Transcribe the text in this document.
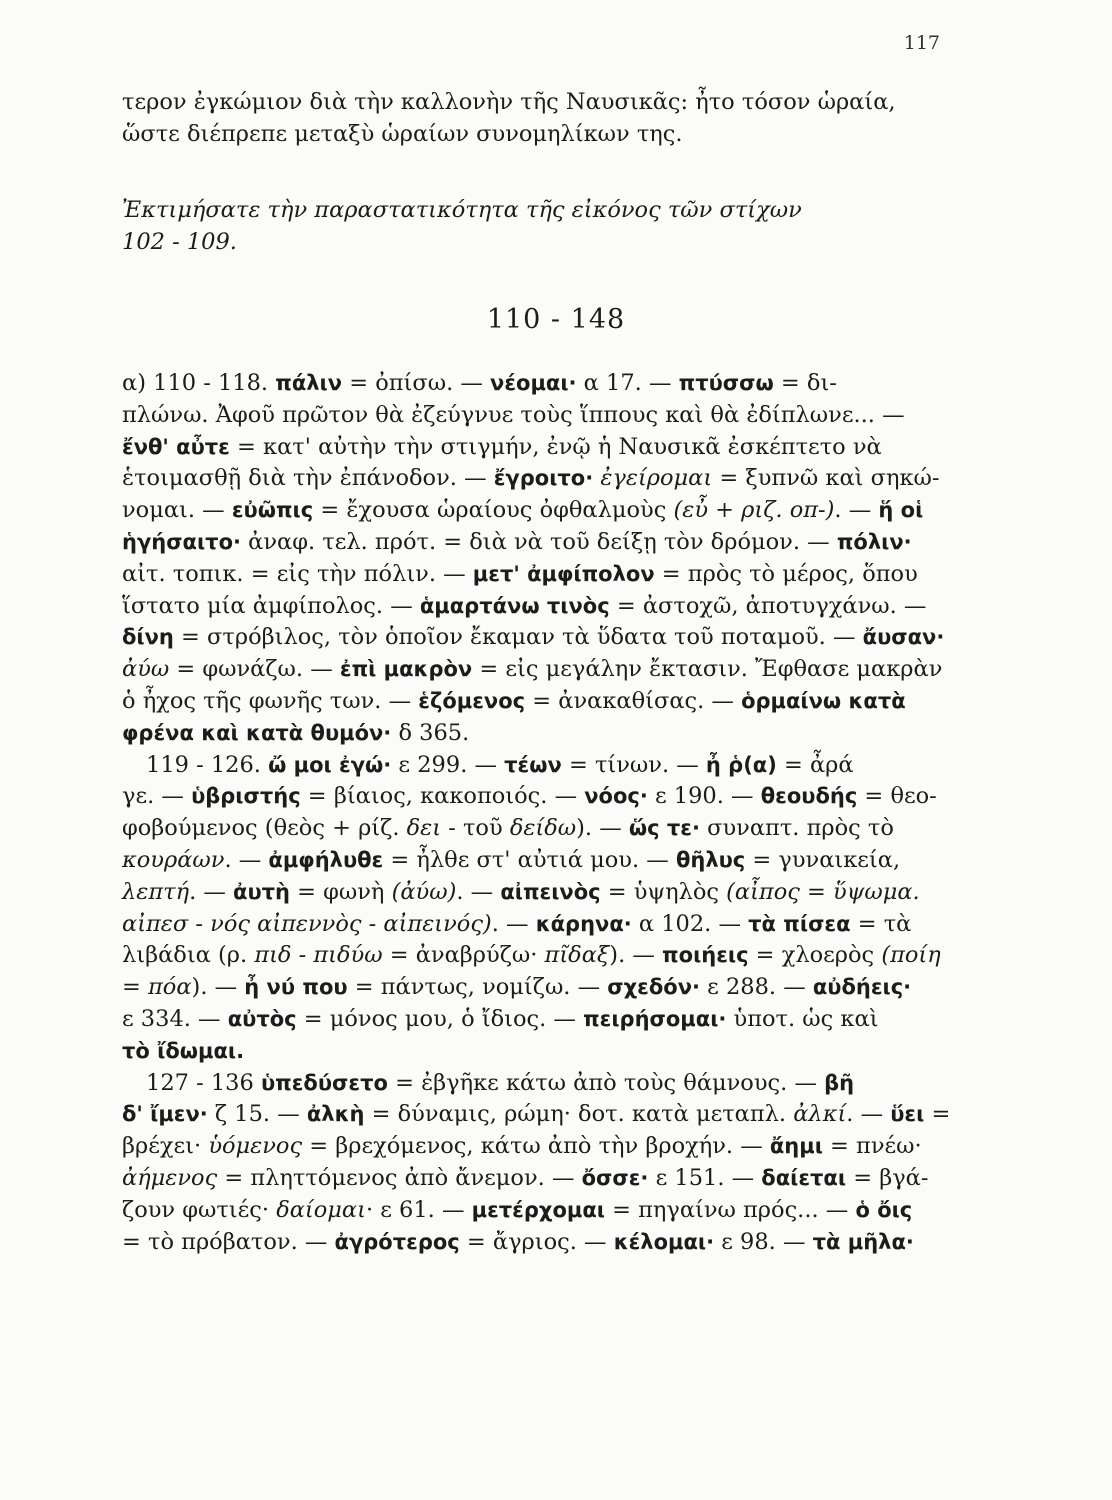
117
τερον ἐγκώμιον διὰ τὴν καλλονὴν τῆς Ναυσικᾶς: ἦτο τόσον ὡραία,
ὥστε διέπρεπε μεταξὺ ὡραίων συνομηλίκων της.
Ἐκτιμήσατε τὴν παραστατικότητα τῆς εἰκόνος τῶν στίχων
102 - 109.
110 - 148
α) 110 - 118. πάλιν = ὀπίσω. — νέομαι· α 17. — πτύσσω = δι-
πλώνω. Ἀφοῦ πρῶτον θὰ ἐζεύγνυε τοὺς ἵππους καὶ θὰ ἐδίπλωνε... —
ἔνθ' αὖτε = κατ' αὐτὴν τὴν στιγμήν, ἐνῷ ἡ Ναυσικᾶ ἐσκέπτετο νὰ
ἑτοιμασθῇ διὰ τὴν ἐπάνοδον. — ἔγροιτο· ἐγείρομαι = ξυπνῶ καὶ σηκώ-
νομαι. — εὐῶπις = ἔχουσα ὡραίους ὀφθαλμοὺς (εὖ + ριζ. οπ-). — ἥ οἱ
ἡγήσαιτο· ἀναφ. τελ. πρότ. = διὰ νὰ τοῦ δείξῃ τὸν δρόμον. — πόλιν·
αἰτ. τοπικ. = εἰς τὴν πόλιν. — μετ' ἀμφίπολον = πρὸς τὸ μέρος, ὅπου
ἵστατο μία ἀμφίπολος. — ἁμαρτάνω τινὸς = ἀστοχῶ, ἀποτυγχάνω. —
δίνη = στρόβιλος, τὸν ὁποῖον ἔκαμαν τὰ ὕδατα τοῦ ποταμοῦ. — ἄυσαν·
ἀύω = φωνάζω. — ἐπὶ μακρὸν = εἰς μεγάλην ἔκτασιν. Ἔφθασε μακρὰν
ὁ ἦχος τῆς φωνῆς των. — ἑζόμενος = ἀνακαθίσας. — ὁρμαίνω κατὰ
φρένα καὶ κατὰ θυμόν· δ 365.
119 - 126. ὤ μοι ἐγώ· ε 299. — τέων = τίνων. — ἦ ῥ(α) = ἆρά
γε. — ὑβριστής = βίαιος, κακοποιός. — νόος· ε 190. — θεουδής = θεο-
φοβούμενος (θεὸς + ρίζ. δει - τοῦ δείδω). — ὥς τε· συναπτ. πρὸς τὸ
κουράων. — ἀμφήλυθε = ἦλθε στ' αὐτιά μου. — θῆλυς = γυναικεία,
λεπτή. — ἀυτὴ = φωνὴ (ἀύω). — αἰπεινὸς = ὑψηλὸς (αἶπος = ὕψωμα.
αἰπεσ - νός αἰπεννὸς - αἰπεινός). — κάρηνα· α 102. — τὰ πίσεα = τὰ
λιβάδια (ρ. πιδ - πιδύω = ἀναβρύζω· πῖδαξ). — ποιήεις = χλοερὸς (ποίη
= πόα). — ἦ νύ που = πάντως, νομίζω. — σχεδόν· ε 288. — αὐδήεις·
ε 334. — αὐτὸς = μόνος μου, ὁ ἴδιος. — πειρήσομαι· ὑποτ. ὡς καὶ
τὸ ἴδωμαι.
127 - 136 ὑπεδύσετο = ἐβγῆκε κάτω ἀπὸ τοὺς θάμνους. — βῆ
δ' ἴμεν· ζ 15. — ἀλκὴ = δύναμις, ρώμη· δοτ. κατὰ μεταπλ. ἀλκί. — ὕει =
βρέχει· ὑόμενος = βρεχόμενος, κάτω ἀπὸ τὴν βροχήν. — ἄημι = πνέω·
ἀήμενος = πληττόμενος ἀπὸ ἄνεμον. — ὄσσε· ε 151. — δαίεται = βγά-
ζουν φωτιές· δαίομαι· ε 61. — μετέρχομαι = πηγαίνω πρός... — ὁ ὄις
= τὸ πρόβατον. — ἀγρότερος = ἄγριος. — κέλομαι· ε 98. — τὰ μῆλα·
